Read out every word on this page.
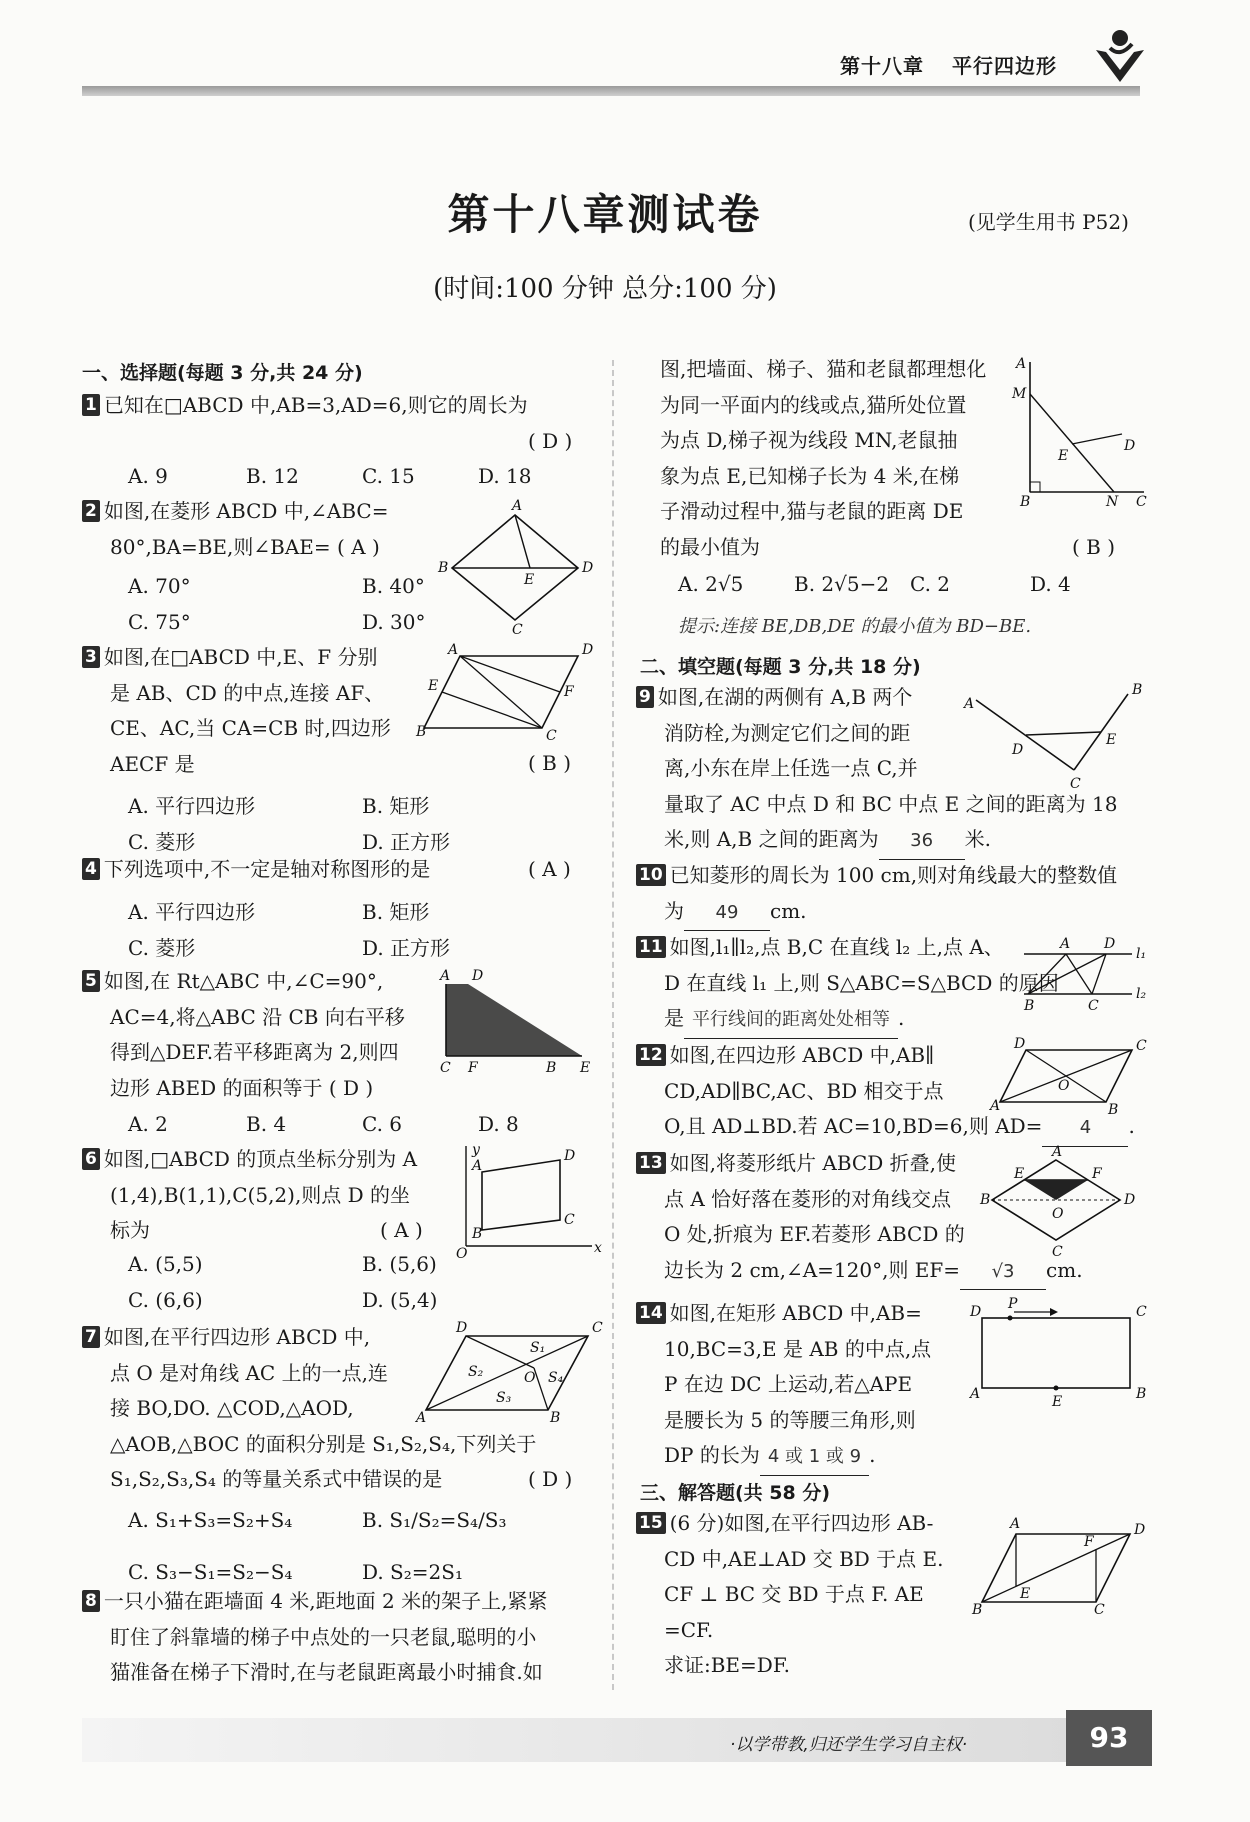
第十八章 平行四边形
第十八章测试卷	(见学生用书 P52)
(时间:100 分钟 总分:100 分)
一、选择题(每题 3 分,共 24 分)

1 已知在□ABCD 中,AB=3,AD=6,则它的周长为

( D )
A. 9	B. 12	C. 15	D. 18

2 如图,在菱形 ABCD 中,∠ABC=

80°,BA=BE,则∠BAE= ( A )

A. 70°	B. 40°
C. 75°	D. 30°
A
B	D
C
E

3 如图,在□ABCD 中,E、F 分别

是 AB、CD 的中点,连接 AF、

CE、AC,当 CA=CB 时,四边形

AECF 是	( B )
A. 平行四边形	B. 矩形
C. 菱形	D. 正方形
A	D
E	F
B	C

4 下列选项中,不一定是轴对称图形的是	( A )
A. 平行四边形	B. 矩形
C. 菱形	D. 正方形

5 如图,在 Rt△ABC 中,∠C=90°,

AC=4,将△ABC 沿 CB 向右平移

得到△DEF.若平移距离为 2,则四

边形 ABED 的面积等于 ( D )

A. 2	B. 4	C. 6	D. 8
A D
C F	B E

6 如图,□ABCD 的顶点坐标分别为 A

(1,4),B(1,1),C(5,2),则点 D 的坐

标为	( A )
A. (5,5)	B. (5,6)
C. (6,6)	D. (5,4)
y
x
O
A
D
C
B

7 如图,在平行四边形 ABCD 中,

点 O 是对角线 AC 上的一点,连

接 BO,DO. △COD,△AOD,

△AOB,△BOC 的面积分别是 S₁,S₂,S₄,下列关于

S₁,S₂,S₃,S₄ 的等量关系式中错误的是	( D )
A. S₁+S₃=S₂+S₄	B. S₁/S₂=S₄/S₃
C. S₃−S₁=S₂−S₄	D. S₂=2S₁
D	C
A	B
O
S₁
S₂
S₃
S₄

8 一只小猫在距墙面 4 米,距地面 2 米的架子上,紧紧

盯住了斜靠墙的梯子中点处的一只老鼠,聪明的小

猫准备在梯子下滑时,在与老鼠距离最小时捕食.如

图,把墙面、梯子、猫和老鼠都理想化

为同一平面内的线或点,猫所处位置

为点 D,梯子视为线段 MN,老鼠抽

象为点 E,已知梯子长为 4 米,在梯

子滑动过程中,猫与老鼠的距离 DE

的最小值为	( B )
A. 2√5	B. 2√5−2 C. 2	D. 4
提示:连接 BE,DB,DE 的最小值为 BD−BE.
A
M
E
D
B	N C
二、填空题(每题 3 分,共 18 分)

9 如图,在湖的两侧有 A,B 两个

消防栓,为测定它们之间的距

离,小东在岸上任选一点 C,并

量取了 AC 中点 D 和 BC 中点 E 之间的距离为 18

米,则 A,B 之间的距离为 36 米.

A
B
D
E
C

10 已知菱形的周长为 100 cm,则对角线最大的整数值

为 49 cm.

11 如图,l₁∥l₂,点 B,C 在直线 l₂ 上,点 A、

D 在直线 l₁ 上,则 S△ABC=S△BCD 的原因

是 平行线间的距离处处相等 .

A D
l₁
l₂
B	C

12 如图,在四边形 ABCD 中,AB∥

CD,AD∥BC,AC、BD 相交于点

O,且 AD⊥BD.若 AC=10,BD=6,则 AD= 4 .

D	C
A	B
O

13 如图,将菱形纸片 ABCD 折叠,使

点 A 恰好落在菱形的对角线交点

O 处,折痕为 EF.若菱形 ABCD 的

边长为 2 cm,∠A=120°,则 EF= √3 cm.

A
E	F
B	D
O
C

14 如图,在矩形 ABCD 中,AB=

10,BC=3,E 是 AB 的中点,点

P 在边 DC 上运动,若△APE

是腰长为 5 的等腰三角形,则

DP 的长为 4 或 1 或 9 .

D P	C
A	E	B
三、解答题(共 58 分)

15 (6 分)如图,在平行四边形 AB-

CD 中,AE⊥AD 交 BD 于点 E.

CF ⊥ BC 交 BD 于点 F. AE

=CF.

求证:BE=DF.

A	D
B	C
E
F
·以学带教,归还学生学习自主权·	93
